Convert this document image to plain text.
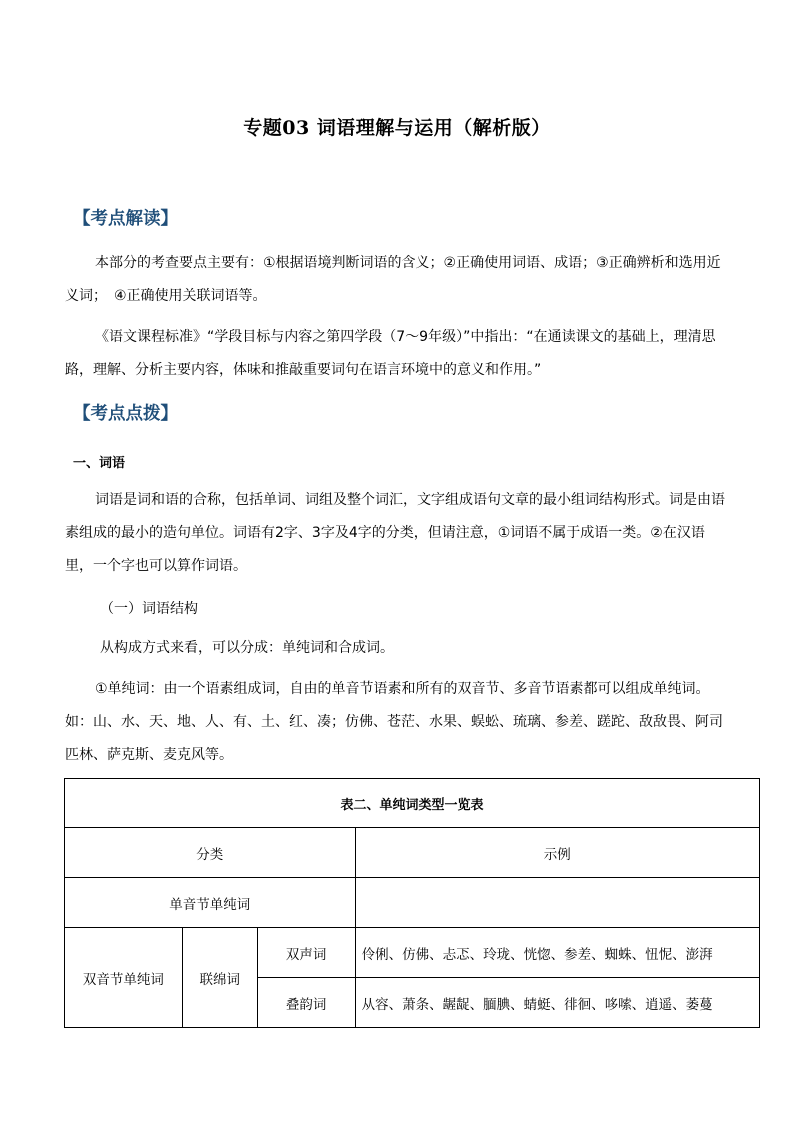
专题03 词语理解与运用（解析版）
【考点解读】
本部分的考查要点主要有：①根据语境判断词语的含义；②正确使用词语、成语；③正确辨析和选用近义词；　④正确使用关联词语等。
《语文课程标准》“学段目标与内容之第四学段（7～9年级）”中指出：“在通读课文的基础上，理清思路，理解、分析主要内容，体味和推敲重要词句在语言环境中的意义和作用。”
【考点点拨】
一、词语
词语是词和语的合称，包括单词、词组及整个词汇，文字组成语句文章的最小组词结构形式。词是由语素组成的最小的造句单位。词语有2字、3字及4字的分类，但请注意，①词语不属于成语一类。②在汉语里，一个字也可以算作词语。
（一）词语结构
从构成方式来看，可以分成：单纯词和合成词。
①单纯词：由一个语素组成词，自由的单音节语素和所有的双音节、多音节语素都可以组成单纯词。如：山、水、天、地、人、有、土、红、凑；仿佛、苍茫、水果、蜈蚣、琉璃、参差、蹉跎、敌敌畏、阿司匹林、萨克斯、麦克风等。
表二、单纯词类型一览表			
分类			示例
单音节单纯词			
双音节单纯词	联绵词	双声词	伶俐、仿佛、忐忑、玲珑、恍惚、参差、蜘蛛、忸怩、澎湃
		叠韵词	从容、萧条、龌龊、腼腆、蜻蜓、徘徊、哆嗦、逍遥、萎蔓
